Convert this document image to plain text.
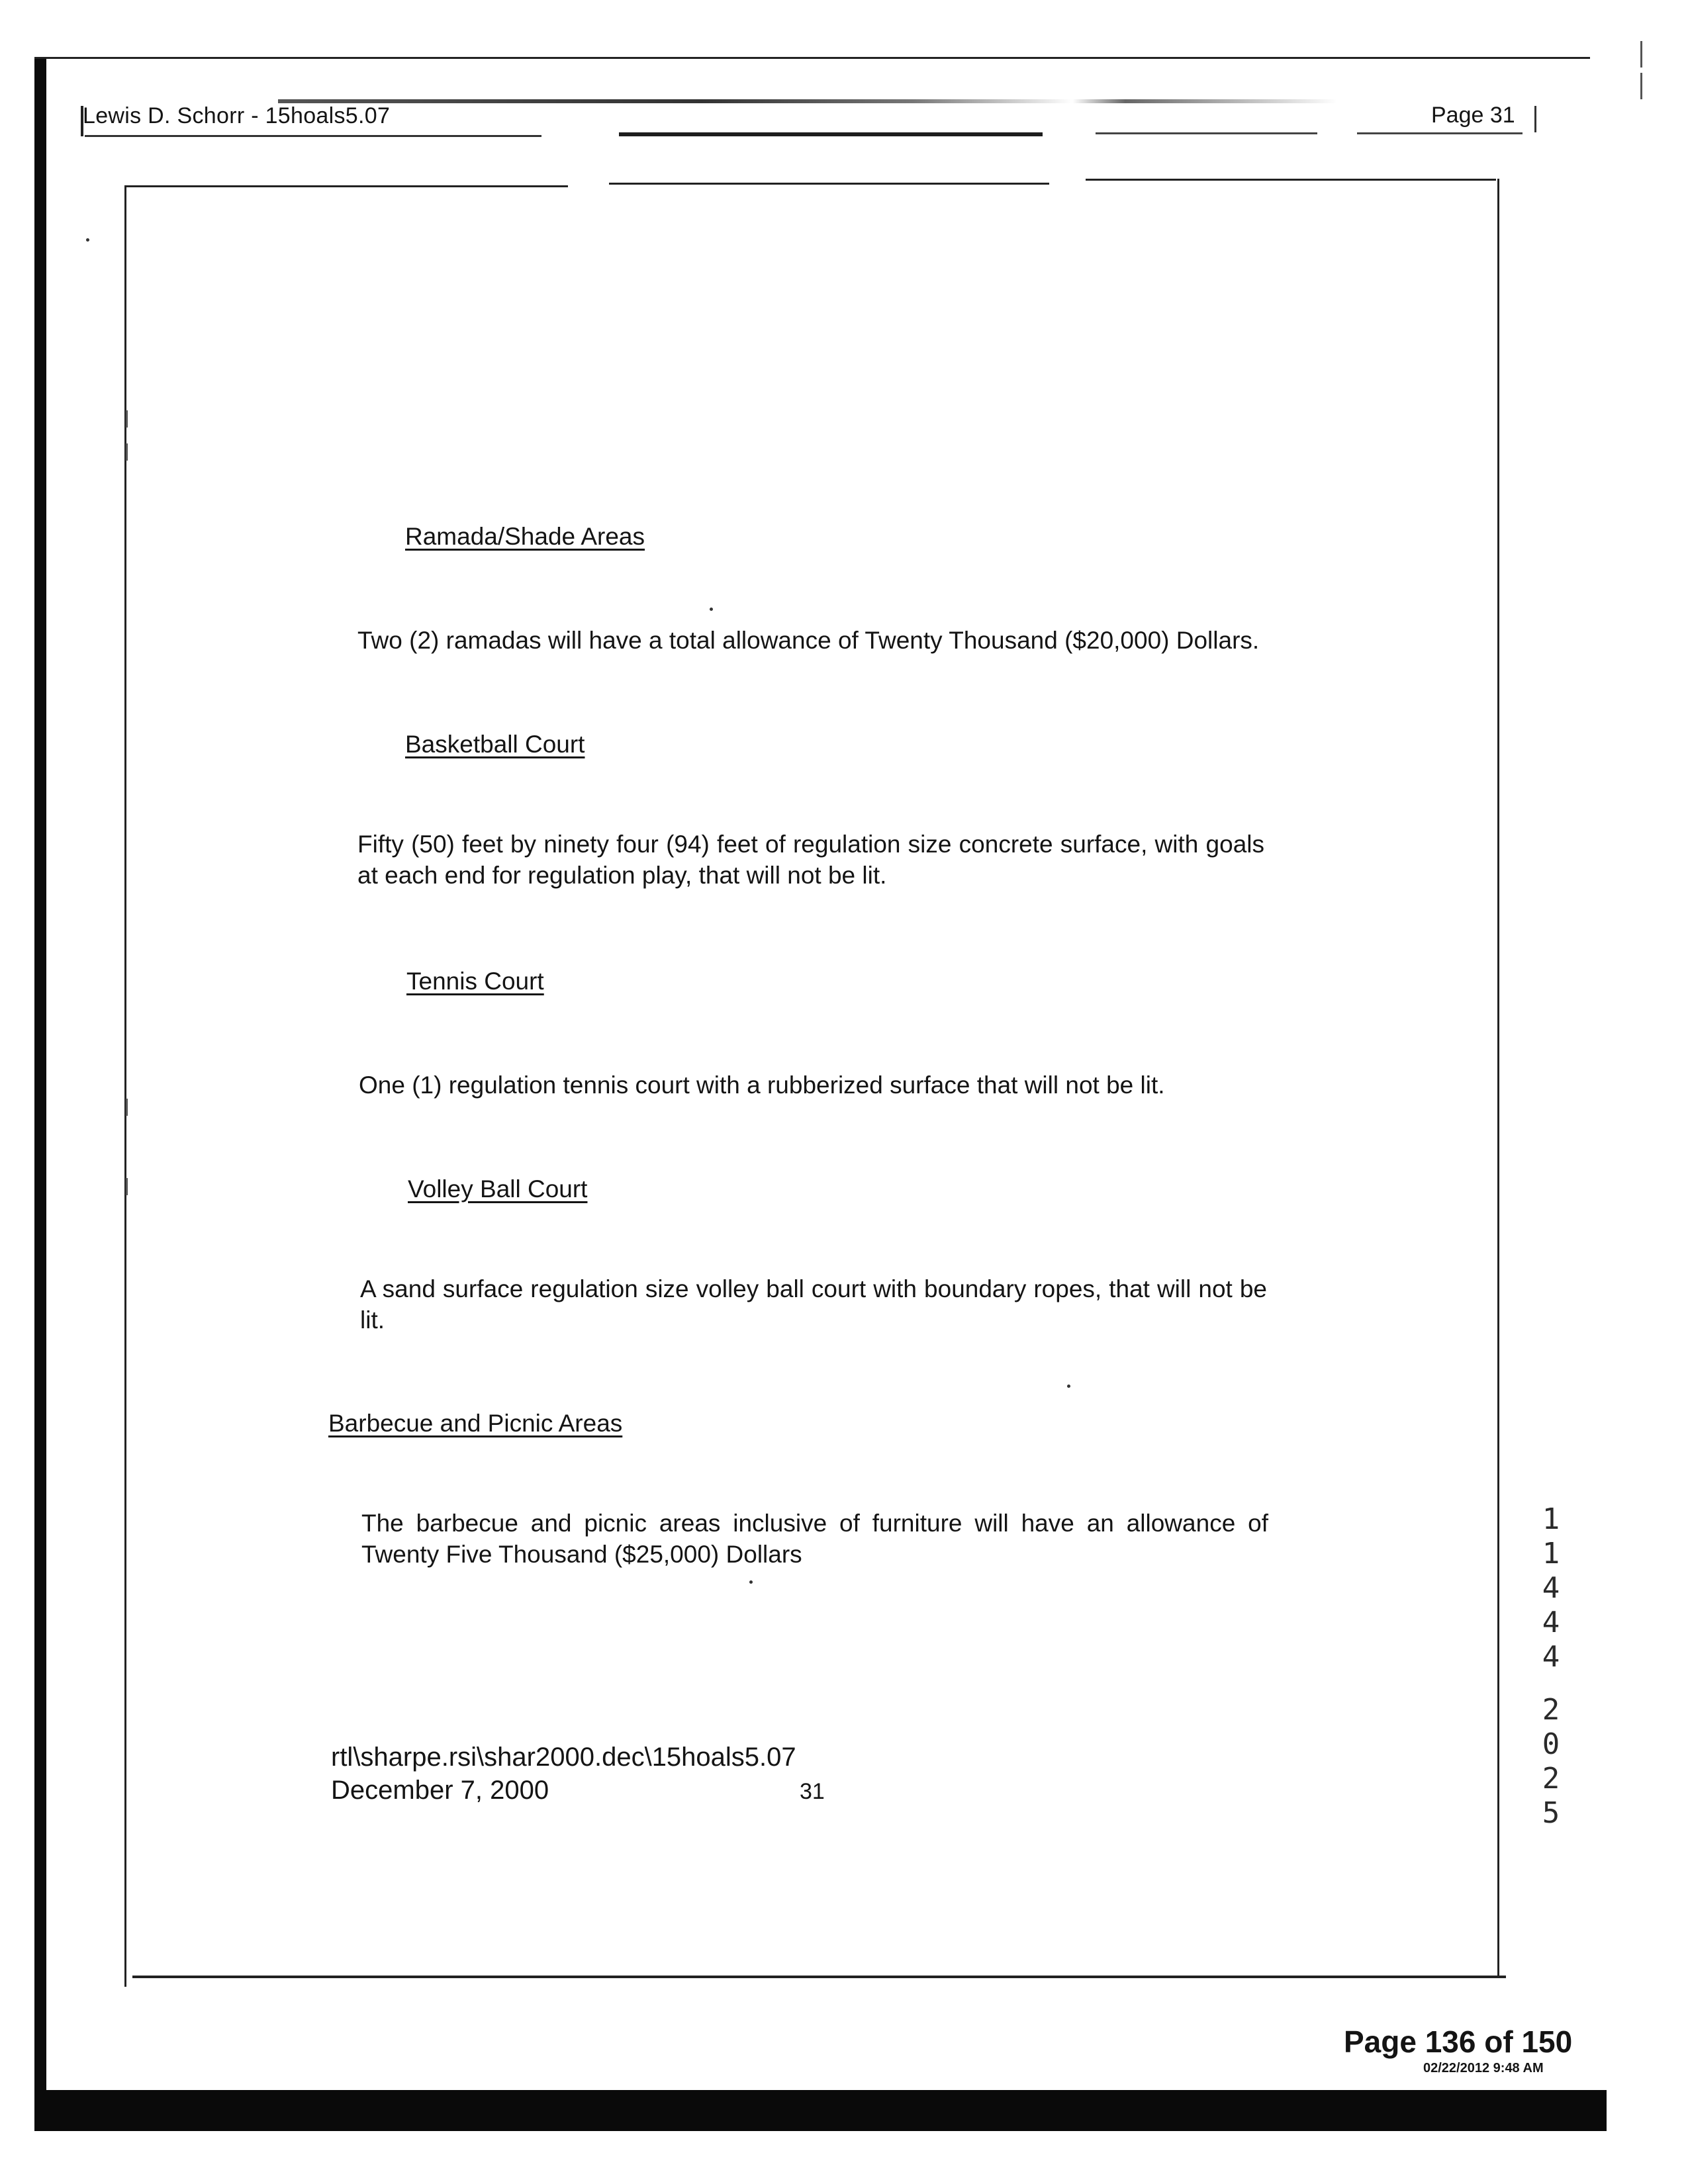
Lewis D. Schorr - 15hoals5.07	Page 31
Ramada/Shade Areas
Two (2) ramadas will have a total allowance of Twenty Thousand ($20,000) Dollars.
Basketball Court
Fifty (50) feet by ninety four (94) feet of regulation size concrete surface, with goals at each end for regulation play, that will not be lit.
Tennis Court
One (1) regulation tennis court with a rubberized surface that will not be lit.
Volley Ball Court
A sand surface regulation size volley ball court with boundary ropes, that will not be lit.
Barbecue and Picnic Areas
The barbecue and picnic areas inclusive of furniture will have an allowance of Twenty Five Thousand ($25,000) Dollars
rtl\sharpe.rsi\shar2000.dec\15hoals5.07
December 7, 2000	31
1
1
4
4
4
2
0
2
5
Page 136 of 150
02/22/2012 9:48 AM
